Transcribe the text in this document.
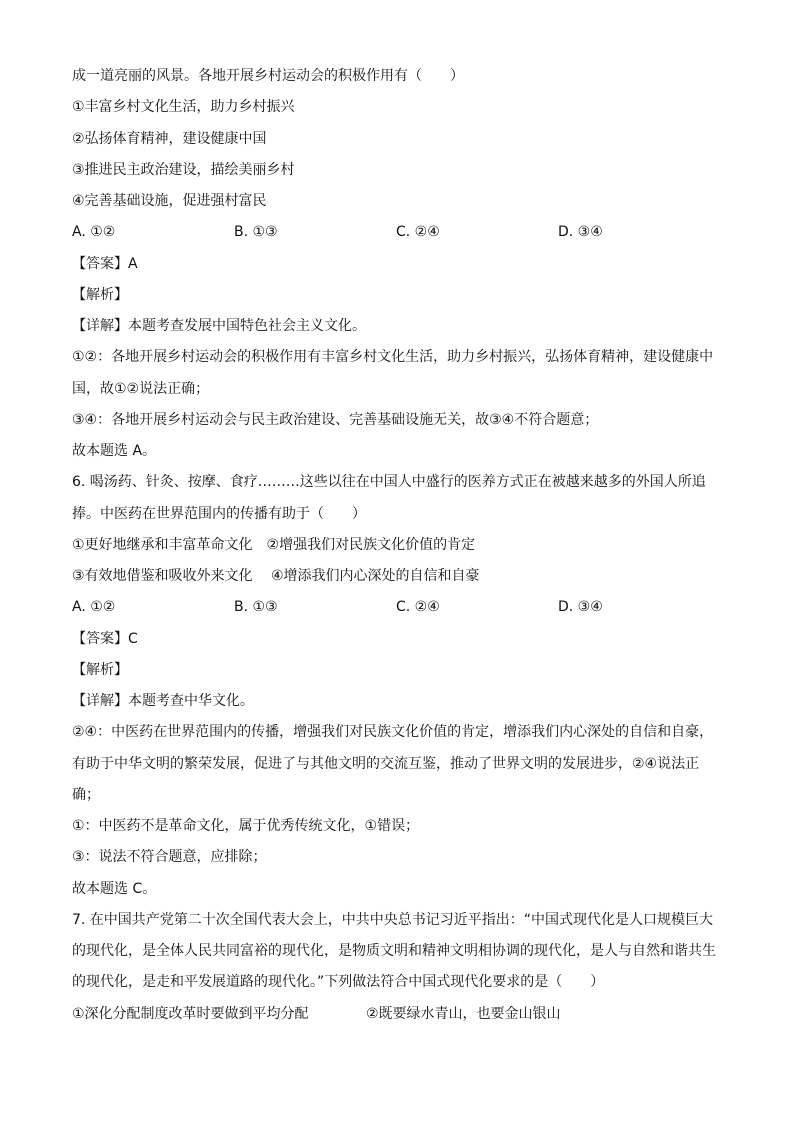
成一道亮丽的风景。各地开展乡村运动会的积极作用有（　　）
①丰富乡村文化生活，助力乡村振兴
②弘扬体育精神，建设健康中国
③推进民主政治建设，描绘美丽乡村
④完善基础设施，促进强村富民
A. ①②	B. ①③	C. ②④	D. ③④
【答案】A
【解析】
【详解】本题考查发展中国特色社会主义文化。
①②：各地开展乡村运动会的积极作用有丰富乡村文化生活，助力乡村振兴，弘扬体育精神，建设健康中
国，故①②说法正确；
③④：各地开展乡村运动会与民主政治建设、完善基础设施无关，故③④不符合题意；
故本题选 A。
6. 喝汤药、针灸、按摩、食疗………这些以往在中国人中盛行的医养方式正在被越来越多的外国人所追
捧。中医药在世界范围内的传播有助于（　　）
①更好地继承和丰富革命文化　②增强我们对民族文化价值的肯定
③有效地借鉴和吸收外来文化　 ④增添我们内心深处的自信和自豪
A. ①②	B. ①③	C. ②④	D. ③④
【答案】C
【解析】
【详解】本题考查中华文化。
②④：中医药在世界范围内的传播，增强我们对民族文化价值的肯定，增添我们内心深处的自信和自豪，
有助于中华文明的繁荣发展，促进了与其他文明的交流互鉴，推动了世界文明的发展进步，②④说法正
确；
①：中医药不是革命文化，属于优秀传统文化，①错误；
③：说法不符合题意，应排除；
故本题选 C。
7. 在中国共产党第二十次全国代表大会上，中共中央总书记习近平指出：“中国式现代化是人口规模巨大
的现代化，是全体人民共同富裕的现代化，是物质文明和精神文明相协调的现代化，是人与自然和谐共生
的现代化，是走和平发展道路的现代化。”下列做法符合中国式现代化要求的是（　　）
①深化分配制度改革时要做到平均分配	②既要绿水青山，也要金山银山
